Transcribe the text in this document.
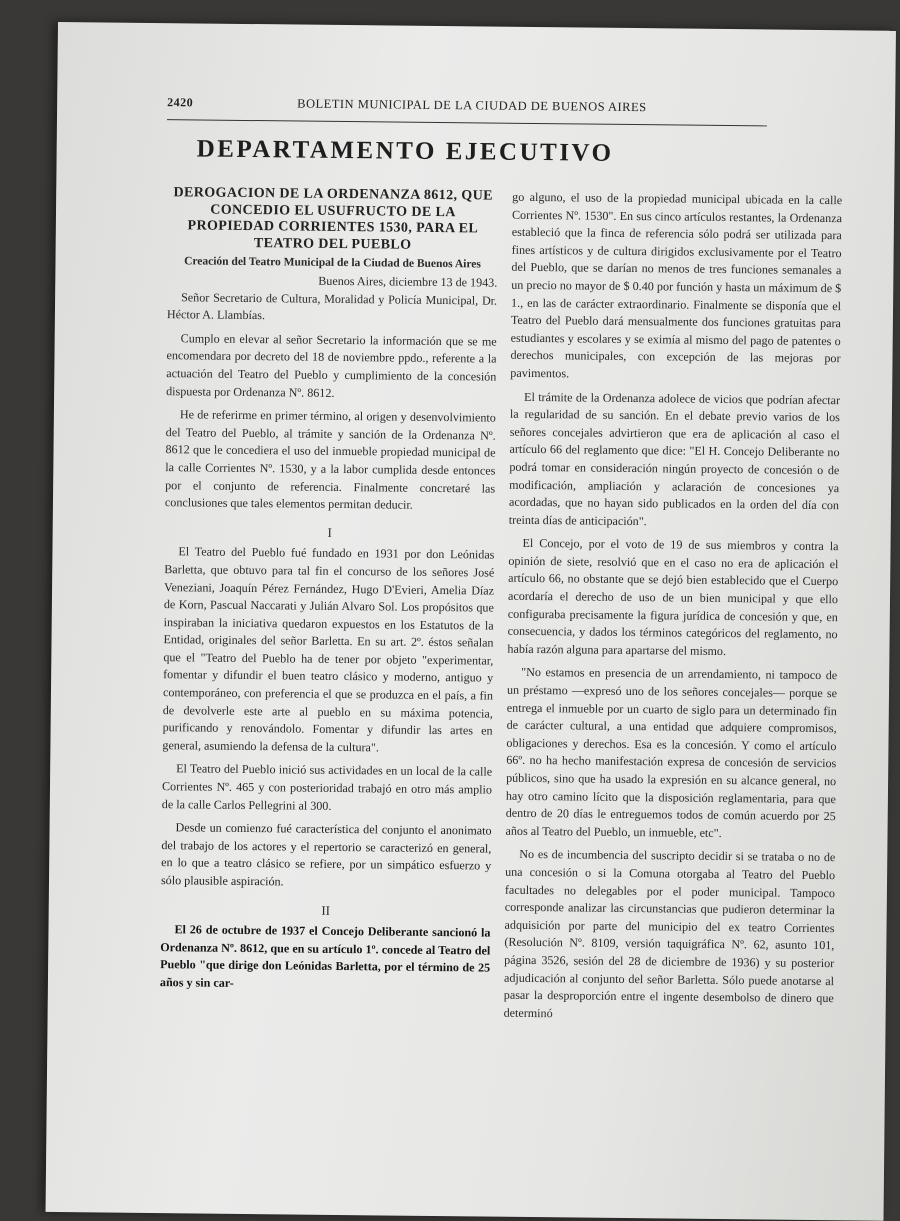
2420	BOLETIN MUNICIPAL DE LA CIUDAD DE BUENOS AIRES
DEPARTAMENTO EJECUTIVO
DEROGACION DE LA ORDENANZA 8612, QUE CONCEDIO EL USUFRUCTO DE LA PROPIEDAD CORRIENTES 1530, PARA EL TEATRO DEL PUEBLO
Creación del Teatro Municipal de la Ciudad de Buenos Aires
Buenos Aires, diciembre 13 de 1943.
Señor Secretario de Cultura, Moralidad y Policía Municipal, Dr. Héctor A. Llambías.

Cumplo en elevar al señor Secretario la información que se me encomendara por decreto del 18 de noviembre ppdo., referente a la actuación del Teatro del Pueblo y cumplimiento de la concesión dispuesta por Ordenanza Nº. 8612.

He de referirme en primer término, al origen y desenvolvimiento del Teatro del Pueblo, al trámite y sanción de la Ordenanza Nº. 8612 que le concediera el uso del inmueble propiedad municipal de la calle Corrientes Nº. 1530, y a la labor cumplida desde entonces por el conjunto de referencia. Finalmente concretaré las conclusiones que tales elementos permitan deducir.

I

El Teatro del Pueblo fué fundado en 1931 por don Leónidas Barletta, que obtuvo para tal fin el concurso de los señores José Veneziani, Joaquín Pérez Fernández, Hugo D'Evieri, Amelia Díaz de Korn, Pascual Naccarati y Julián Alvaro Sol. Los propósitos que inspiraban la iniciativa quedaron expuestos en los Estatutos de la Entidad, originales del señor Barletta. En su art. 2º. éstos señalan que el "Teatro del Pueblo ha de tener por objeto "experimentar, fomentar y difundir el buen teatro clásico y moderno, antiguo y contemporáneo, con preferencia el que se produzca en el país, a fin de devolverle este arte al pueblo en su máxima potencia, purificando y renovándolo. Fomentar y difundir las artes en general, asumiendo la defensa de la cultura".

El Teatro del Pueblo inició sus actividades en un local de la calle Corrientes Nº. 465 y con posterioridad trabajó en otro más amplio de la calle Carlos Pellegrini al 300.

Desde un comienzo fué característica del conjunto el anonimato del trabajo de los actores y el repertorio se caracterizó en general, en lo que a teatro clásico se refiere, por un simpático esfuerzo y sólo plausible aspiración.

II

El 26 de octubre de 1937 el Concejo Deliberante sancionó la Ordenanza Nº. 8612, que en su artículo 1º. concede al Teatro del Pueblo "que dirige don Leónidas Barletta, por el término de 25 años y sin car-

go alguno, el uso de la propiedad municipal ubicada en la calle Corrientes Nº. 1530". En sus cinco artículos restantes, la Ordenanza estableció que la finca de referencia sólo podrá ser utilizada para fines artísticos y de cultura dirigidos exclusivamente por el Teatro del Pueblo, que se darían no menos de tres funciones semanales a un precio no mayor de $ 0.40 por función y hasta un máximum de $ 1., en las de carácter extraordinario. Finalmente se disponía que el Teatro del Pueblo dará mensualmente dos funciones gratuitas para estudiantes y escolares y se eximía al mismo del pago de patentes o derechos municipales, con excepción de las mejoras por pavimentos.

El trámite de la Ordenanza adolece de vicios que podrían afectar la regularidad de su sanción. En el debate previo varios de los señores concejales advirtieron que era de aplicación al caso el artículo 66 del reglamento que dice: "El H. Concejo Deliberante no podrá tomar en consideración ningún proyecto de concesión o de modificación, ampliación y aclaración de concesiones ya acordadas, que no hayan sido publicados en la orden del día con treinta días de anticipación".

El Concejo, por el voto de 19 de sus miembros y contra la opinión de siete, resolvió que en el caso no era de aplicación el artículo 66, no obstante que se dejó bien establecido que el Cuerpo acordaría el derecho de uso de un bien municipal y que ello configuraba precisamente la figura jurídica de concesión y que, en consecuencia, y dados los términos categóricos del reglamento, no había razón alguna para apartarse del mismo.

"No estamos en presencia de un arrendamiento, ni tampoco de un préstamo —expresó uno de los señores concejales— porque se entrega el inmueble por un cuarto de siglo para un determinado fin de carácter cultural, a una entidad que adquiere compromisos, obligaciones y derechos. Esa es la concesión. Y como el artículo 66º. no ha hecho manifestación expresa de concesión de servicios públicos, sino que ha usado la expresión en su alcance general, no hay otro camino lícito que la disposición reglamentaria, para que dentro de 20 días le entreguemos todos de común acuerdo por 25 años al Teatro del Pueblo, un inmueble, etc".

No es de incumbencia del suscripto decidir si se trataba o no de una concesión o si la Comuna otorgaba al Teatro del Pueblo facultades no delegables por el poder municipal. Tampoco corresponde analizar las circunstancias que pudieron determinar la adquisición por parte del municipio del ex teatro Corrientes (Resolución Nº. 8109, versión taquigráfica Nº. 62, asunto 101, página 3526, sesión del 28 de diciembre de 1936) y su posterior adjudicación al conjunto del señor Barletta. Sólo puede anotarse al pasar la desproporción entre el ingente desembolso de dinero que determinó
